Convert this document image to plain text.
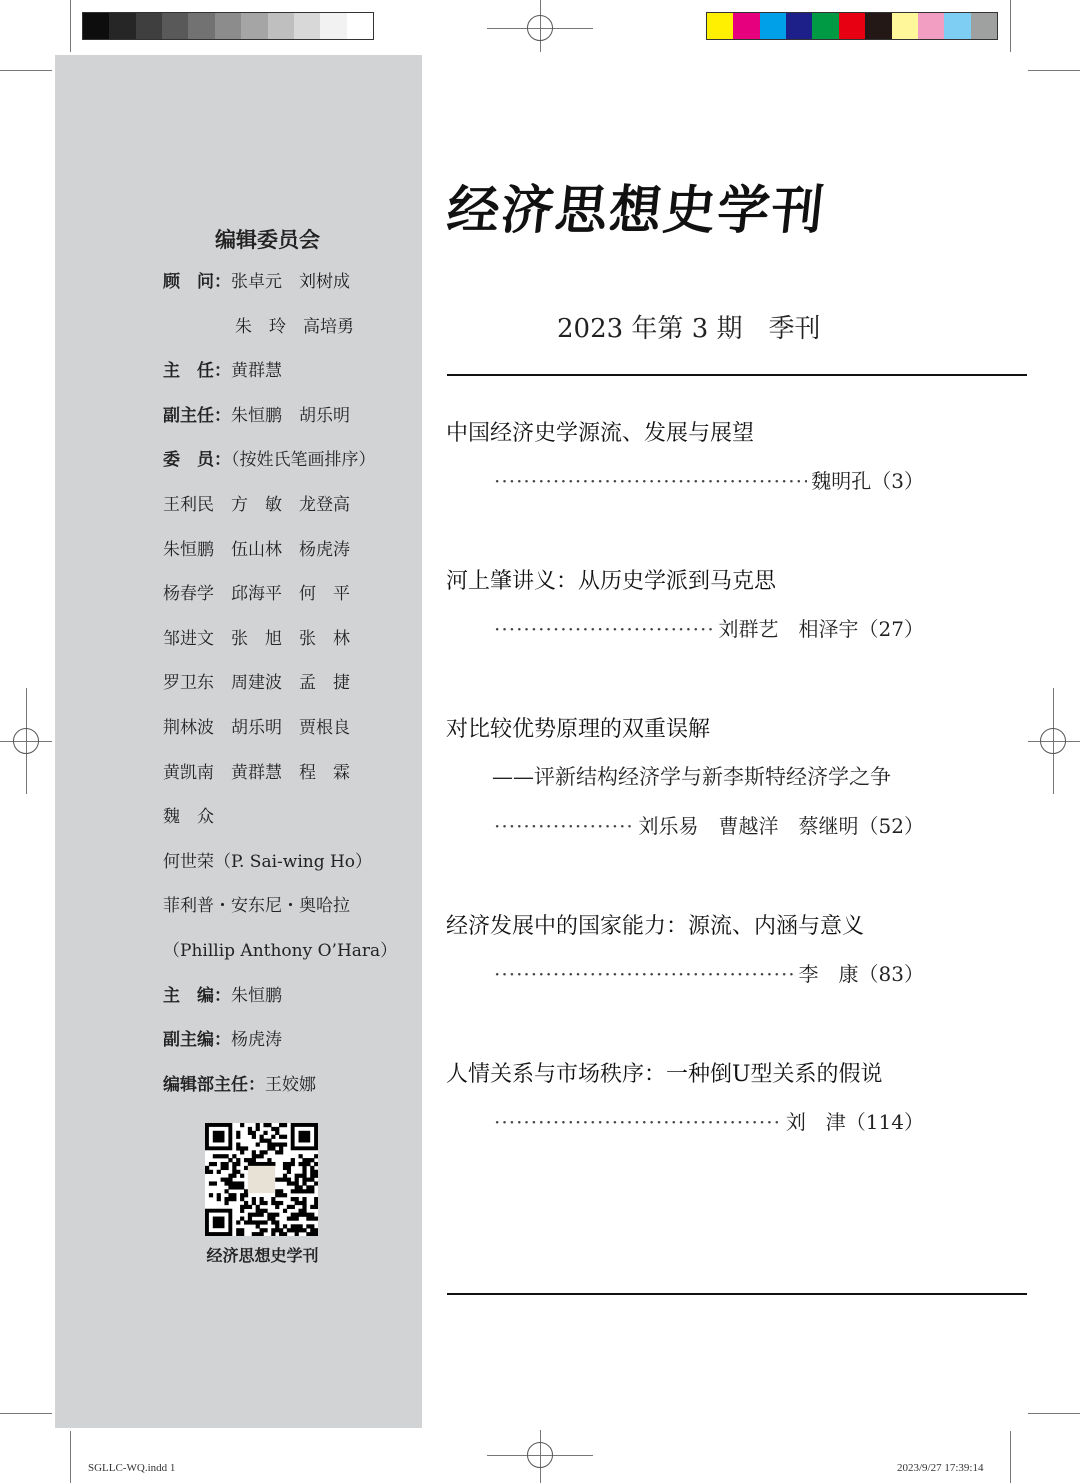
编辑委员会
顾　问：张卓元　刘树成
朱　玲　高培勇
主　任：黄群慧
副主任：朱恒鹏　胡乐明
委　员：（按姓氏笔画排序）
王利民　方　敏　龙登高
朱恒鹏　伍山林　杨虎涛
杨春学　邱海平　何　平
邹进文　张　旭　张　林
罗卫东　周建波　孟　捷
荆林波　胡乐明　贾根良
黄凯南　黄群慧　程　霖
魏　众
何世荣（P. Sai-wing Ho）
菲利普・安东尼・奥哈拉
（Phillip Anthony O’Hara）
主　编：朱恒鹏
副主编：杨虎涛
编辑部主任：王姣娜
经济思想史学刊
经济思想史学刊
2023 年第 3 期　季刊
中国经济史学源流、发展与展望
·····
魏明孔（3）
河上肇讲义：从历史学派到马克思
·····
刘群艺　相泽宇（27）
对比较优势原理的双重误解
——评新结构经济学与新李斯特经济学之争
·····
刘乐易　曹越洋　蔡继明（52）
经济发展中的国家能力：源流、内涵与意义
·····
李　康（83）
人情关系与市场秩序：一种倒U型关系的假说
·····
刘　津（114）
SGLLC-WQ.indd 1	2023/9/27 17:39:14
